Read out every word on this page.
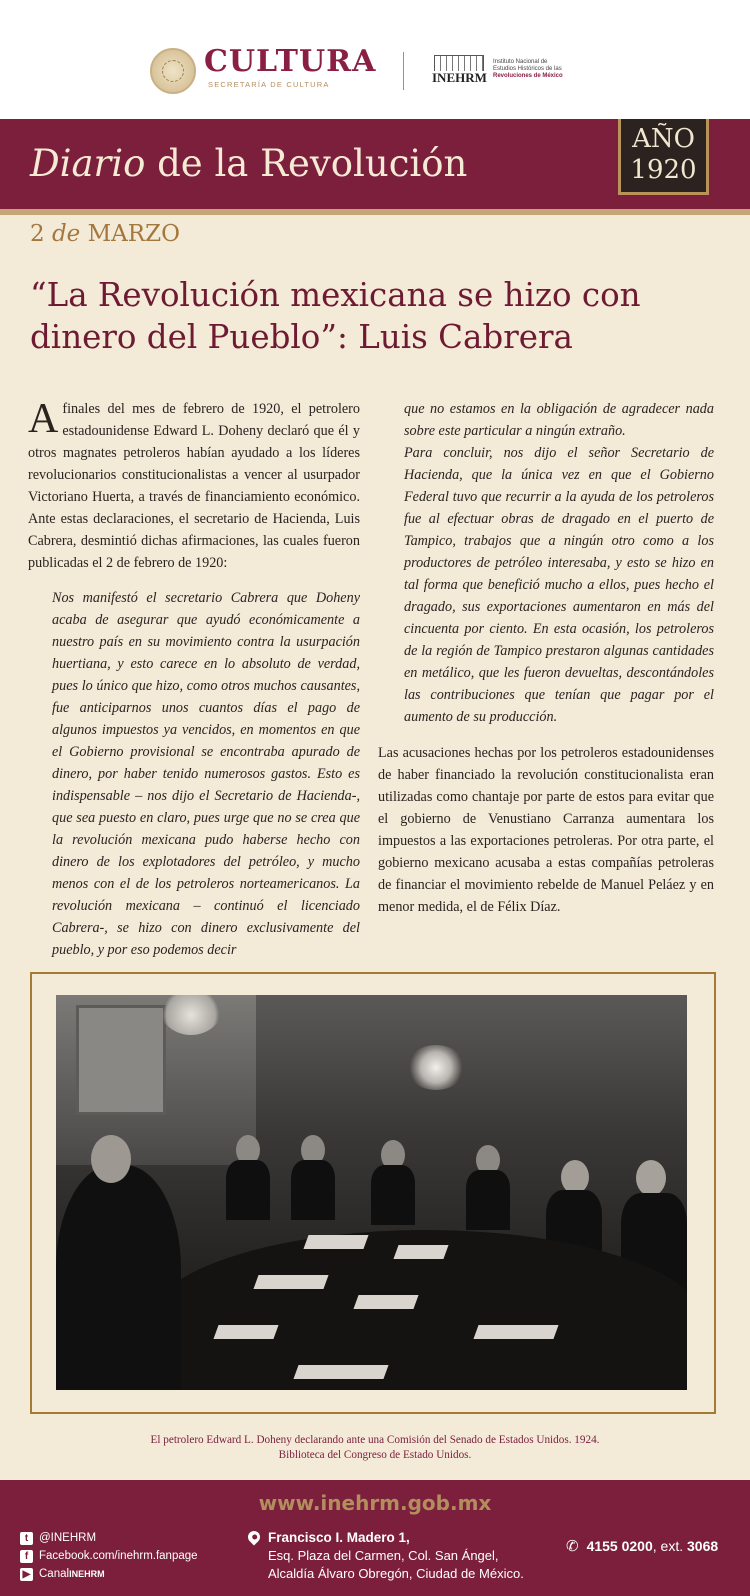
CULTURA
SECRETARÍA DE CULTURA	INEHRM
Instituto Nacional de
Estudios Históricos de las
Revoluciones de México
Diario de la Revolución
AÑO
1920
2 de MARZO
“La Revolución mexicana se hizo con dinero del Pueblo”: Luis Cabrera

A finales del mes de febrero de 1920, el petrolero estadounidense Edward L. Doheny declaró que él y otros magnates petroleros habían ayudado a los líderes revolucionarios constitucionalistas a vencer al usurpador Victoriano Huerta, a través de financiamiento económico. Ante estas declaraciones, el secretario de Hacienda, Luis Cabrera, desmintió dichas afirmaciones, las cuales fueron publicadas el 2 de febrero de 1920:

Nos manifestó el secretario Cabrera que Doheny acaba de asegurar que ayudó económicamente a nuestro país en su movimiento contra la usurpación huertiana, y esto carece en lo absoluto de verdad, pues lo único que hizo, como otros muchos causantes, fue anticiparnos unos cuantos días el pago de algunos impuestos ya vencidos, en momentos en que el Gobierno provisional se encontraba apurado de dinero, por haber tenido numerosos gastos. Esto es indispensable – nos dijo el Secretario de Hacienda-, que sea puesto en claro, pues urge que no se crea que la revolución mexicana pudo haberse hecho con dinero de los explotadores del petróleo, y mucho menos con el de los petroleros norteamericanos. La revolución mexicana – continuó el licenciado Cabrera-, se hizo con dinero exclusivamente del pueblo, y por eso podemos decir

que no estamos en la obligación de agradecer nada sobre este particular a ningún extraño.

Para concluir, nos dijo el señor Secretario de Hacienda, que la única vez en que el Gobierno Federal tuvo que recurrir a la ayuda de los petroleros fue al efectuar obras de dragado en el puerto de Tampico, trabajos que a ningún otro como a los productores de petróleo interesaba, y esto se hizo en tal forma que benefició mucho a ellos, pues hecho el dragado, sus exportaciones aumentaron en más del cincuenta por ciento. En esta ocasión, los petroleros de la región de Tampico prestaron algunas cantidades en metálico, que les fueron devueltas, descontándoles las contribuciones que tenían que pagar por el aumento de su producción.

Las acusaciones hechas por los petroleros estadounidenses de haber financiado la revolución constitucionalista eran utilizadas como chantaje por parte de estos para evitar que el gobierno de Venustiano Carranza aumentara los impuestos a las exportaciones petroleras. Por otra parte, el gobierno mexicano acusaba a estas compañías petroleras de financiar el movimiento rebelde de Manuel Peláez y en menor medida, el de Félix Díaz.

El petrolero Edward L. Doheny declarando ante una Comisión del Senado de Estados Unidos. 1924.
Biblioteca del Congreso de Estado Unidos.
www.inehrm.gob.mx
t @INEHRM
f Facebook.com/inehrm.fanpage
▶ Canal INEHRM
Francisco I. Madero 1,
Esq. Plaza del Carmen, Col. San Ángel,
Alcaldía Álvaro Obregón, Ciudad de México.
✆ 4155 0200 , ext. 3068
